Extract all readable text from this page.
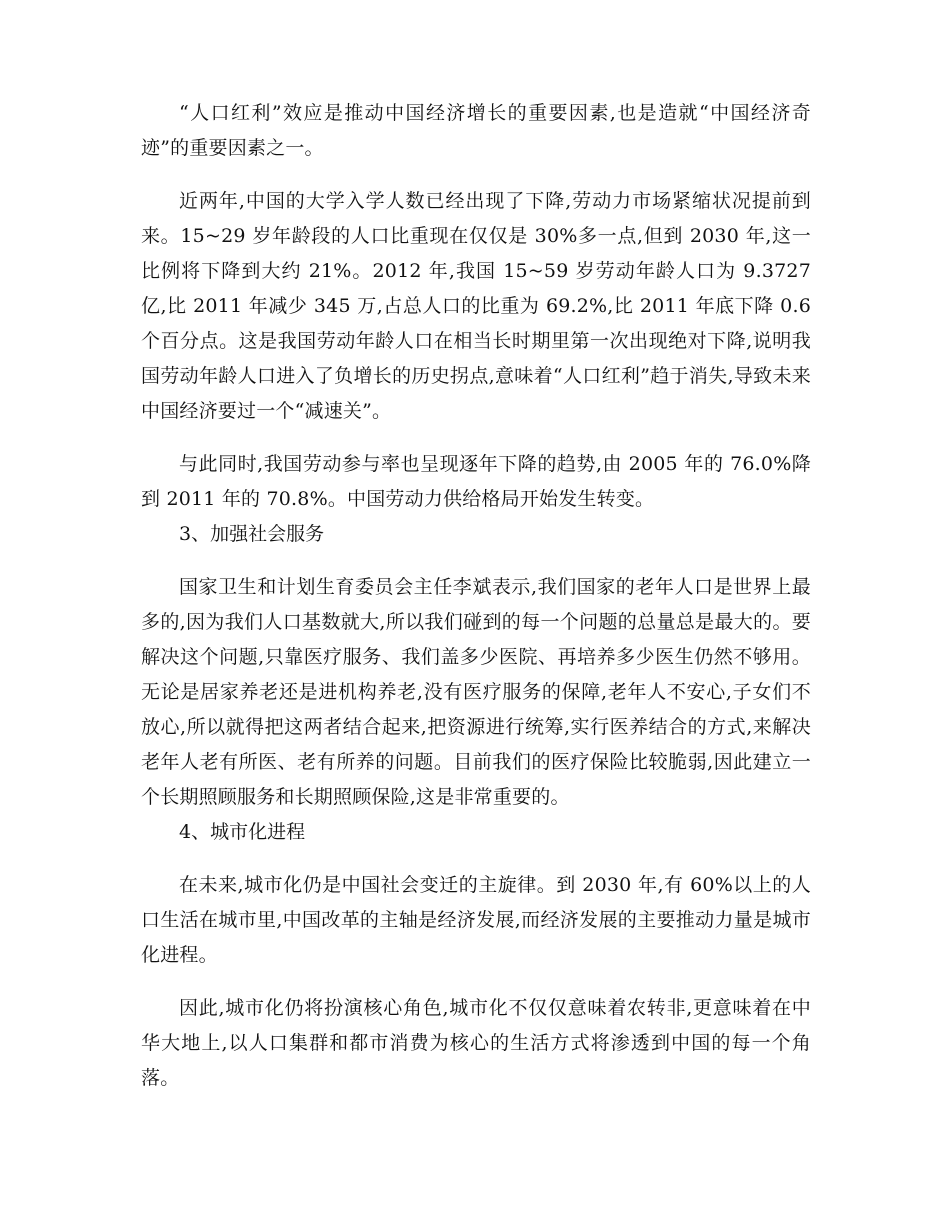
“人口红利”效应是推动中国经济增长的重要因素,也是造就“中国经济奇迹”的重要因素之一。

近两年,中国的大学入学人数已经出现了下降,劳动力市场紧缩状况提前到来。15~29 岁年龄段的人口比重现在仅仅是 30%多一点,但到 2030 年,这一比例将下降到大约 21%。2012 年,我国 15~59 岁劳动年龄人口为 9.3727 亿,比 2011 年减少 345 万,占总人口的比重为 69.2%,比 2011 年底下降 0.6 个百分点。这是我国劳动年龄人口在相当长时期里第一次出现绝对下降,说明我国劳动年龄人口进入了负增长的历史拐点,意味着“人口红利”趋于消失,导致未来中国经济要过一个“减速关”。

与此同时,我国劳动参与率也呈现逐年下降的趋势,由 2005 年的 76.0%降到 2011 年的 70.8%。中国劳动力供给格局开始发生转变。

3、加强社会服务

国家卫生和计划生育委员会主任李斌表示,我们国家的老年人口是世界上最多的,因为我们人口基数就大,所以我们碰到的每一个问题的总量总是最大的。要解决这个问题,只靠医疗服务、我们盖多少医院、再培养多少医生仍然不够用。无论是居家养老还是进机构养老,没有医疗服务的保障,老年人不安心,子女们不放心,所以就得把这两者结合起来,把资源进行统筹,实行医养结合的方式,来解决老年人老有所医、老有所养的问题。目前我们的医疗保险比较脆弱,因此建立一个长期照顾服务和长期照顾保险,这是非常重要的。

4、城市化进程

在未来,城市化仍是中国社会变迁的主旋律。到 2030 年,有 60%以上的人口生活在城市里,中国改革的主轴是经济发展,而经济发展的主要推动力量是城市化进程。

因此,城市化仍将扮演核心角色,城市化不仅仅意味着农转非,更意味着在中华大地上,以人口集群和都市消费为核心的生活方式将渗透到中国的每一个角落。
